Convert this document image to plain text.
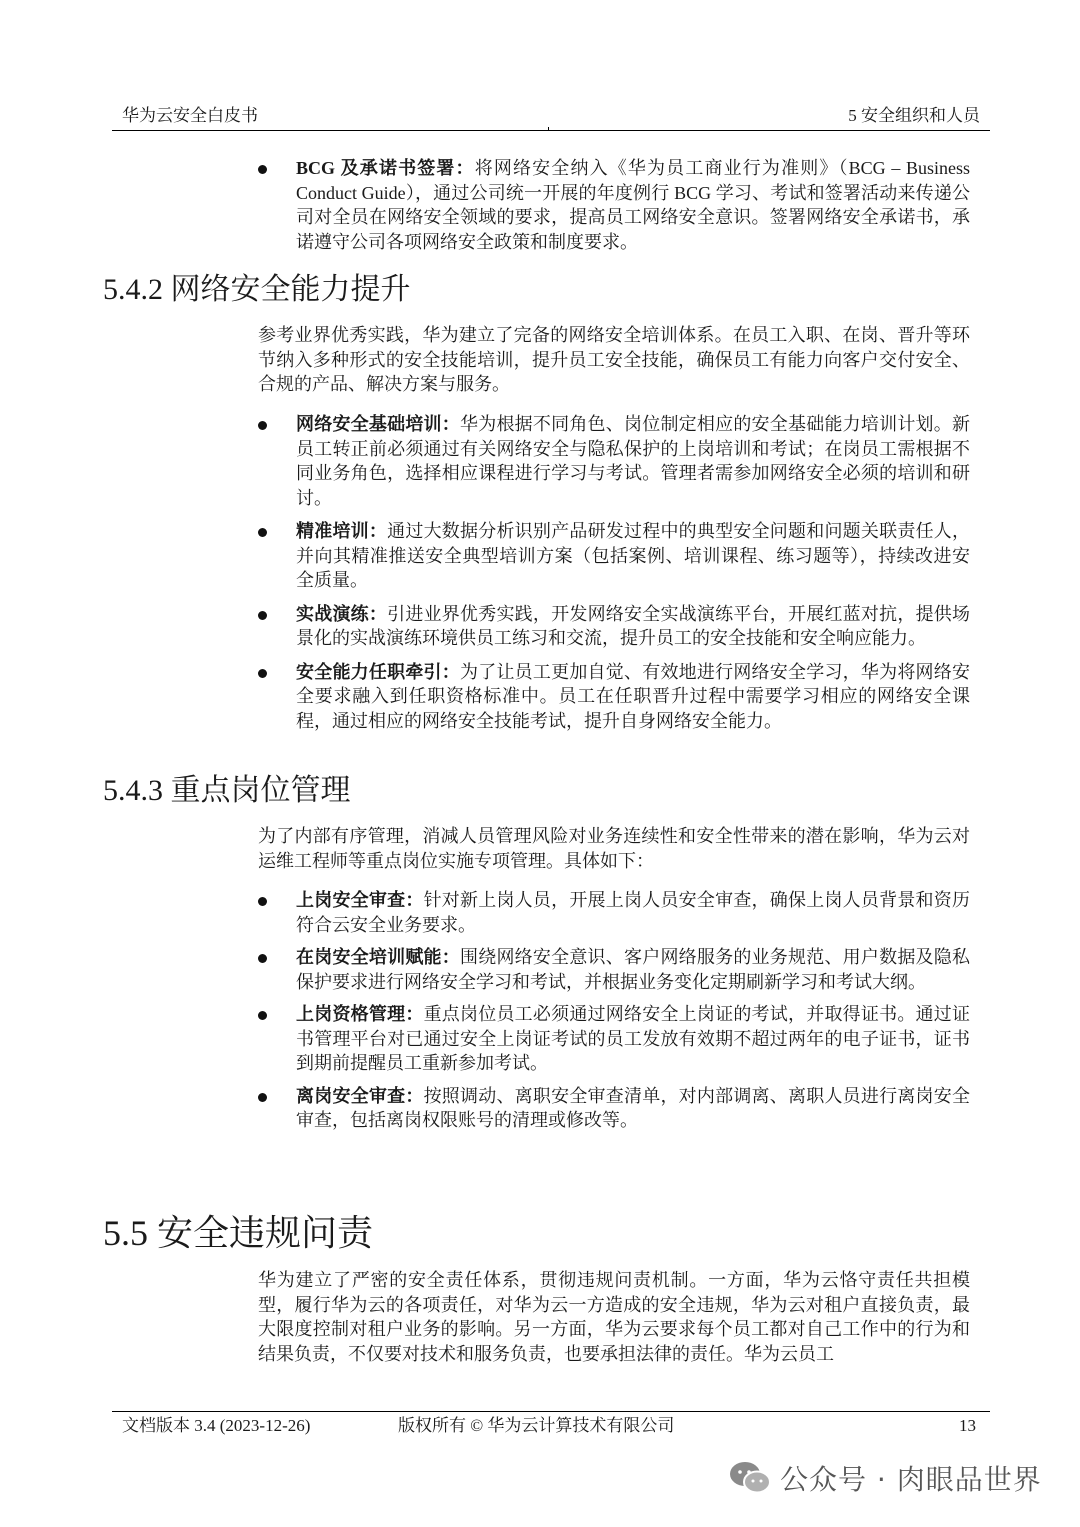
华为云安全白皮书	5 安全组织和人员
BCG 及承诺书签署：将网络安全纳入《华为员工商业行为准则》（BCG – Business Conduct Guide），通过公司统一开展的年度例行 BCG 学习、考试和签署活动来传递公司对全员在网络安全领域的要求，提高员工网络安全意识。签署网络安全承诺书，承诺遵守公司各项网络安全政策和制度要求。
5.4.2 网络安全能力提升

参考业界优秀实践，华为建立了完备的网络安全培训体系。在员工入职、在岗、晋升等环节纳入多种形式的安全技能培训，提升员工安全技能，确保员工有能力向客户交付安全、合规的产品、解决方案与服务。

网络安全基础培训：华为根据不同角色、岗位制定相应的安全基础能力培训计划。新员工转正前必须通过有关网络安全与隐私保护的上岗培训和考试；在岗员工需根据不同业务角色，选择相应课程进行学习与考试。管理者需参加网络安全必须的培训和研讨。
精准培训：通过大数据分析识别产品研发过程中的典型安全问题和问题关联责任人，并向其精准推送安全典型培训方案（包括案例、培训课程、练习题等），持续改进安全质量。
实战演练：引进业界优秀实践，开发网络安全实战演练平台，开展红蓝对抗，提供场景化的实战演练环境供员工练习和交流，提升员工的安全技能和安全响应能力。
安全能力任职牵引：为了让员工更加自觉、有效地进行网络安全学习，华为将网络安全要求融入到任职资格标准中。员工在任职晋升过程中需要学习相应的网络安全课程，通过相应的网络安全技能考试，提升自身网络安全能力。
5.4.3 重点岗位管理

为了内部有序管理，消减人员管理风险对业务连续性和安全性带来的潜在影响，华为云对运维工程师等重点岗位实施专项管理。具体如下：

上岗安全审查：针对新上岗人员，开展上岗人员安全审查，确保上岗人员背景和资历符合云安全业务要求。
在岗安全培训赋能：围绕网络安全意识、客户网络服务的业务规范、用户数据及隐私保护要求进行网络安全学习和考试，并根据业务变化定期刷新学习和考试大纲。
上岗资格管理：重点岗位员工必须通过网络安全上岗证的考试，并取得证书。通过证书管理平台对已通过安全上岗证考试的员工发放有效期不超过两年的电子证书，证书到期前提醒员工重新参加考试。
离岗安全审查：按照调动、离职安全审查清单，对内部调离、离职人员进行离岗安全审查，包括离岗权限账号的清理或修改等。
5.5 安全违规问责

华为建立了严密的安全责任体系，贯彻违规问责机制。一方面，华为云恪守责任共担模型，履行华为云的各项责任，对华为云一方造成的安全违规，华为云对租户直接负责，最大限度控制对租户业务的影响。另一方面，华为云要求每个员工都对自己工作中的行为和结果负责，不仅要对技术和服务负责，也要承担法律的责任。华为云员工

文档版本 3.4 (2023-12-26)	版权所有 © 华为云计算技术有限公司	13
公众号 · 肉眼品世界
